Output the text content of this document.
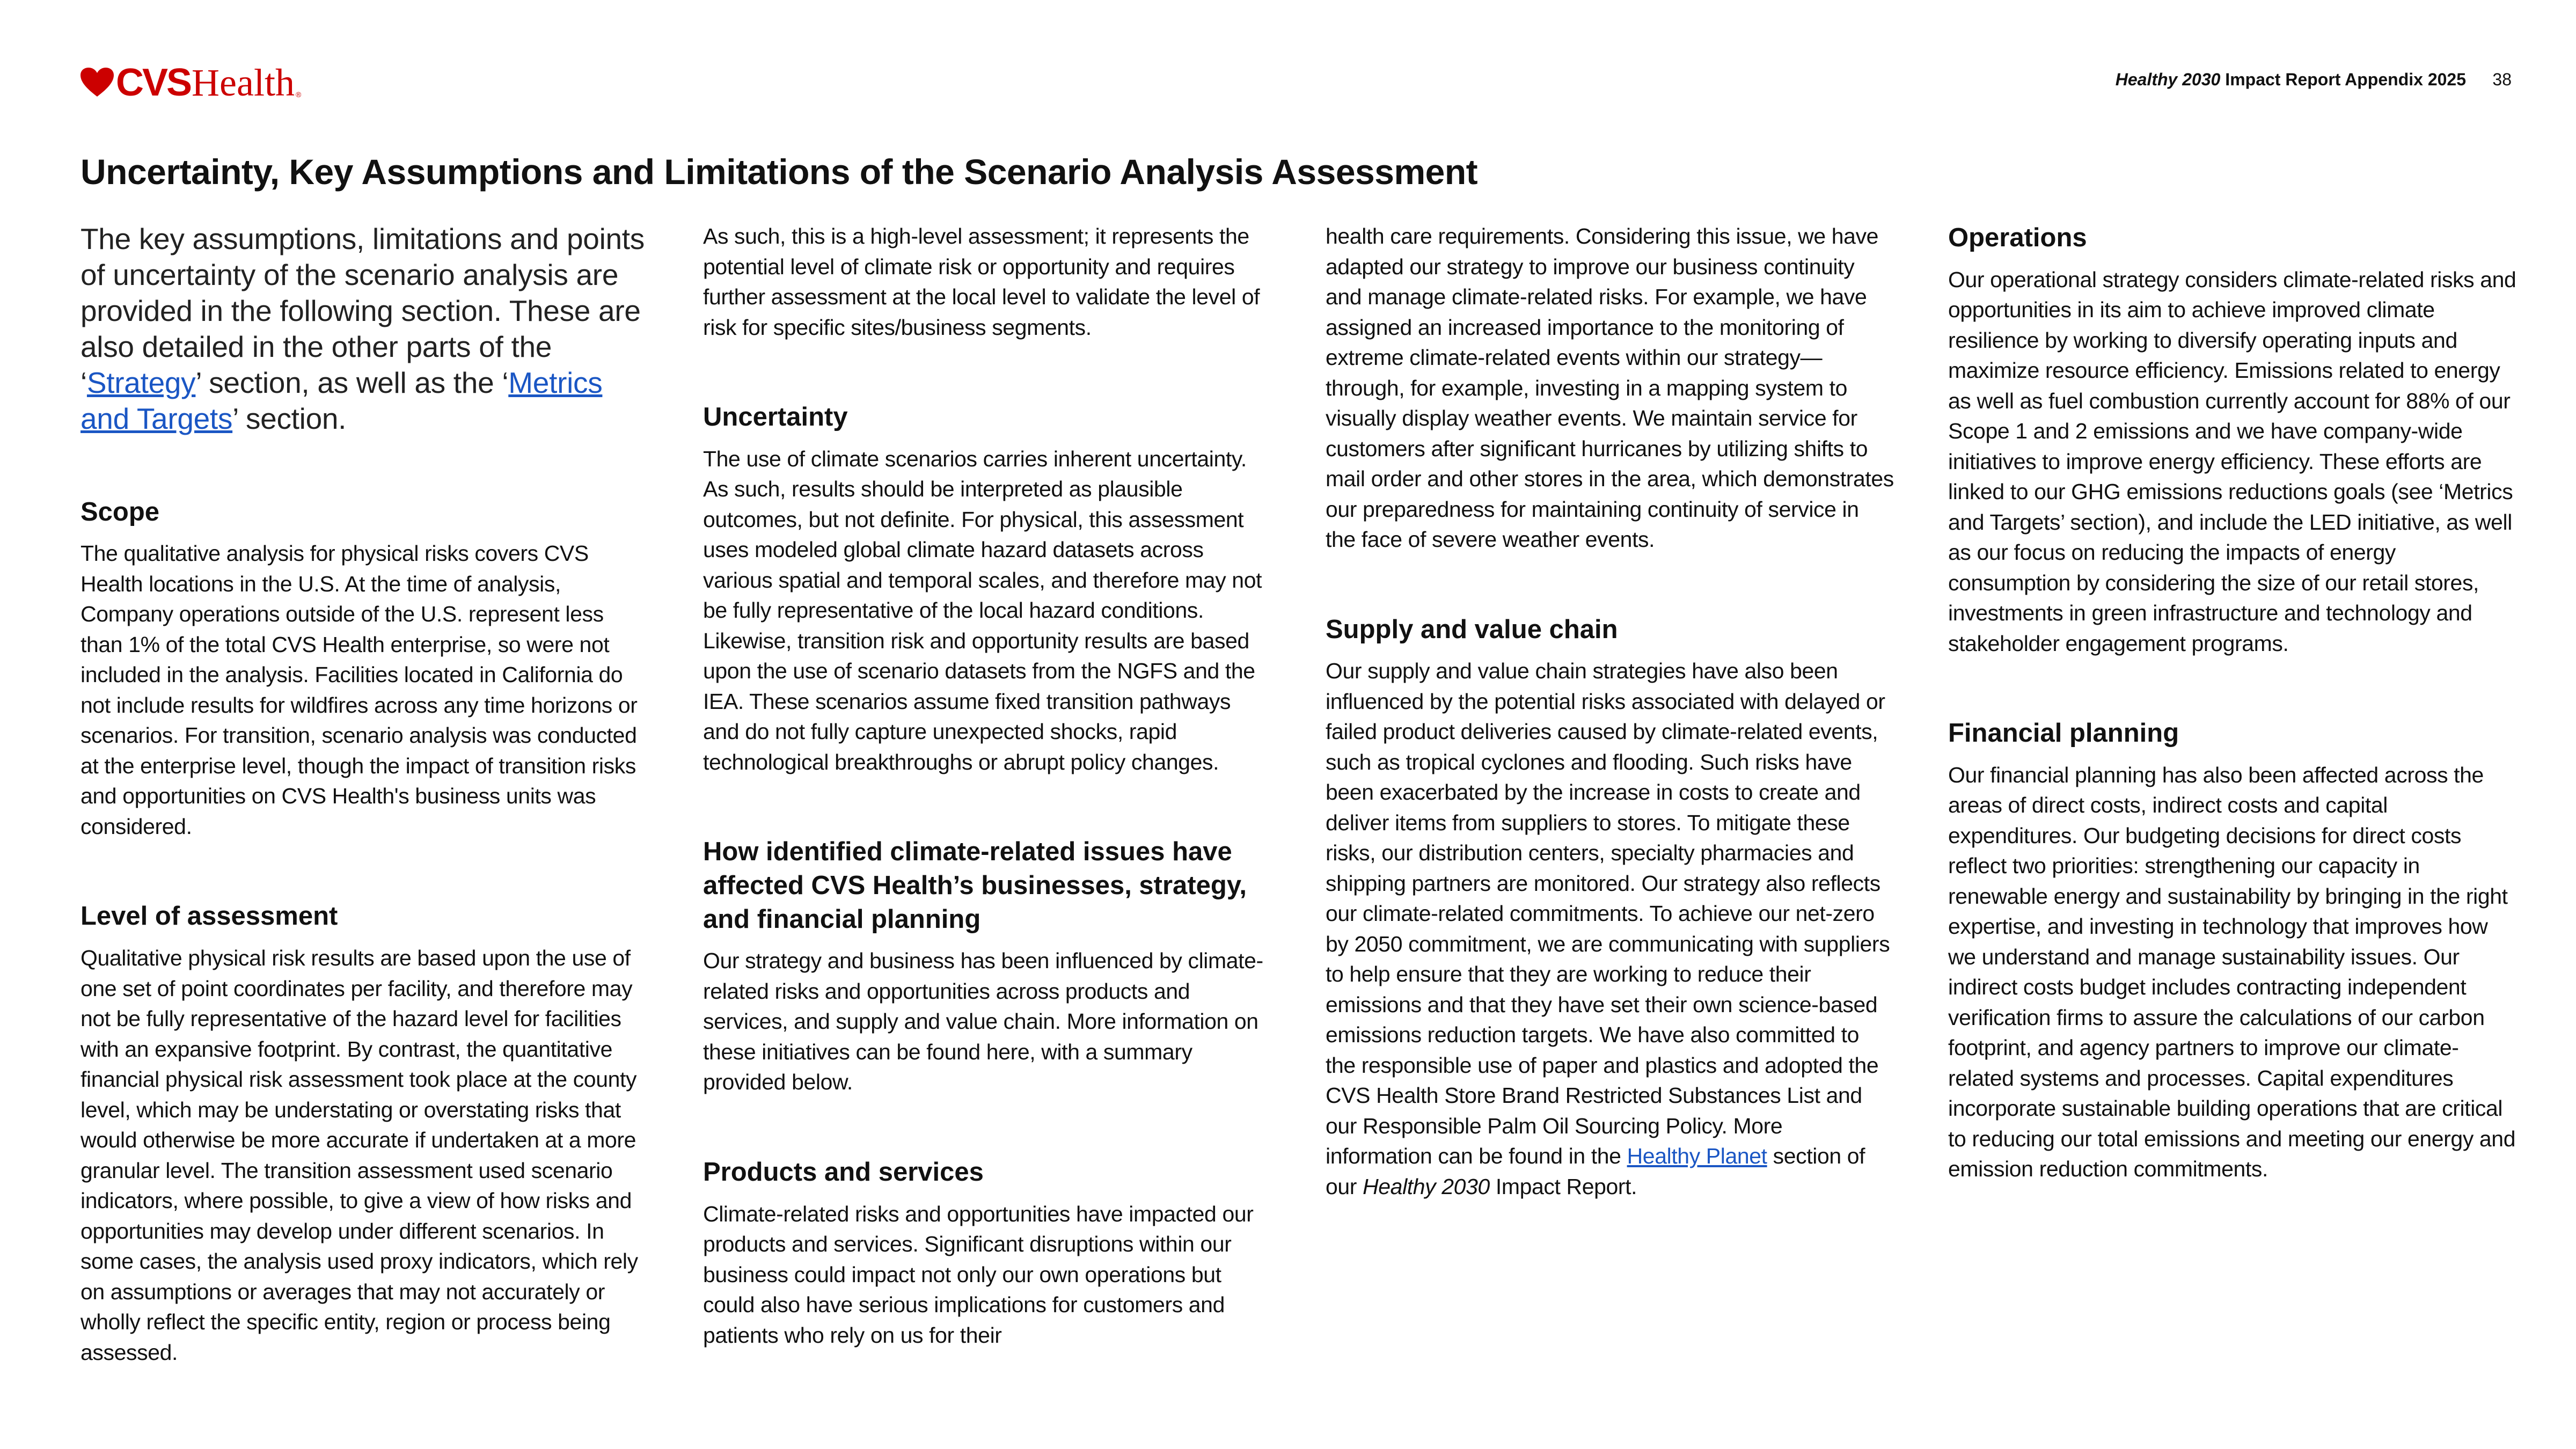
CVS Health ®
Healthy 2030 Impact Report Appendix 2025 38
Uncertainty, Key Assumptions and Limitations of the Scenario Analysis Assessment

The key assumptions, limitations and points of uncertainty of the scenario analysis are provided in the following section. These are also detailed in the other parts of the ‘Strategy’ section, as well as the ‘Metrics and Targets’ section.

Scope

The qualitative analysis for physical risks covers CVS Health locations in the U.S. At the time of analysis, Company operations outside of the U.S. represent less than 1% of the total CVS Health enterprise, so were not included in the analysis. Facilities located in California do not include results for wildfires across any time horizons or scenarios. For transition, scenario analysis was conducted at the enterprise level, though the impact of transition risks and opportunities on CVS Health's business units was considered.

Level of assessment

Qualitative physical risk results are based upon the use of one set of point coordinates per facility, and therefore may not be fully representative of the hazard level for facilities with an expansive footprint. By contrast, the quantitative financial physical risk assessment took place at the county level, which may be understating or overstating risks that would otherwise be more accurate if undertaken at a more granular level. The transition assessment used scenario indicators, where possible, to give a view of how risks and opportunities may develop under different scenarios. In some cases, the analysis used proxy indicators, which rely on assumptions or averages that may not accurately or wholly reflect the specific entity, region or process being assessed.

As such, this is a high-level assessment; it represents the potential level of climate risk or opportunity and requires further assessment at the local level to validate the level of risk for specific sites/business segments.

Uncertainty

The use of climate scenarios carries inherent uncertainty. As such, results should be interpreted as plausible outcomes, but not definite. For physical, this assessment uses modeled global climate hazard datasets across various spatial and temporal scales, and therefore may not be fully representative of the local hazard conditions. Likewise, transition risk and opportunity results are based upon the use of scenario datasets from the NGFS and the IEA. These scenarios assume fixed transition pathways and do not fully capture unexpected shocks, rapid technological breakthroughs or abrupt policy changes.

How identified climate-related issues have affected CVS Health’s businesses, strategy, and financial planning

Our strategy and business has been influenced by climate-related risks and opportunities across products and services, and supply and value chain. More information on these initiatives can be found here, with a summary provided below.

Products and services

Climate-related risks and opportunities have impacted our products and services. Significant disruptions within our business could impact not only our own operations but could also have serious implications for customers and patients who rely on us for their

health care requirements. Considering this issue, we have adapted our strategy to improve our business continuity and manage climate-related risks. For example, we have assigned an increased importance to the monitoring of extreme climate-related events within our strategy—through, for example, investing in a mapping system to visually display weather events. We maintain service for customers after significant hurricanes by utilizing shifts to mail order and other stores in the area, which demonstrates our preparedness for maintaining continuity of service in the face of severe weather events.

Supply and value chain

Our supply and value chain strategies have also been influenced by the potential risks associated with delayed or failed product deliveries caused by climate-related events, such as tropical cyclones and flooding. Such risks have been exacerbated by the increase in costs to create and deliver items from suppliers to stores. To mitigate these risks, our distribution centers, specialty pharmacies and shipping partners are monitored. Our strategy also reflects our climate-related commitments. To achieve our net-zero by 2050 commitment, we are communicating with suppliers to help ensure that they are working to reduce their emissions and that they have set their own science-based emissions reduction targets. We have also committed to the responsible use of paper and plastics and adopted the CVS Health Store Brand Restricted Substances List and our Responsible Palm Oil Sourcing Policy. More information can be found in the Healthy Planet section of our Healthy 2030 Impact Report.

Operations

Our operational strategy considers climate-related risks and opportunities in its aim to achieve improved climate resilience by working to diversify operating inputs and maximize resource efficiency. Emissions related to energy as well as fuel combustion currently account for 88% of our Scope 1 and 2 emissions and we have company-wide initiatives to improve energy efficiency. These efforts are linked to our GHG emissions reductions goals (see ‘Metrics and Targets’ section), and include the LED initiative, as well as our focus on reducing the impacts of energy consumption by considering the size of our retail stores, investments in green infrastructure and technology and stakeholder engagement programs.

Financial planning

Our financial planning has also been affected across the areas of direct costs, indirect costs and capital expenditures. Our budgeting decisions for direct costs reflect two priorities: strengthening our capacity in renewable energy and sustainability by bringing in the right expertise, and investing in technology that improves how we understand and manage sustainability issues. Our indirect costs budget includes contracting independent verification firms to assure the calculations of our carbon footprint, and agency partners to improve our climate-related systems and processes. Capital expenditures incorporate sustainable building operations that are critical to reducing our total emissions and meeting our energy and emission reduction commitments.
